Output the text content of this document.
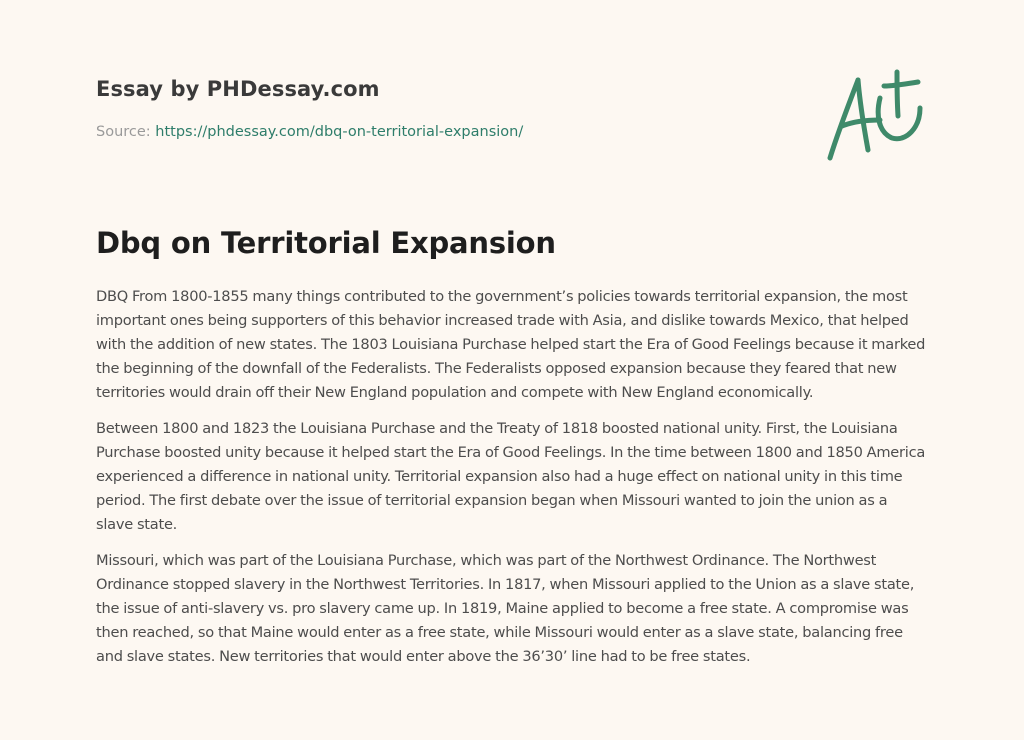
Essay by PHDessay.com
Source: https://phdessay.com/dbq-on-territorial-expansion/
Dbq on Territorial Expansion

DBQ From 1800-1855 many things contributed to the government’s policies towards territorial expansion, the most important ones being supporters of this behavior increased trade with Asia, and dislike towards Mexico, that helped with the addition of new states. The 1803 Louisiana Purchase helped start the Era of Good Feelings because it marked the beginning of the downfall of the Federalists. The Federalists opposed expansion because they feared that new territories would drain off their New England population and compete with New England economically.

Between 1800 and 1823 the Louisiana Purchase and the Treaty of 1818 boosted national unity. First, the Louisiana Purchase boosted unity because it helped start the Era of Good Feelings. In the time between 1800 and 1850 America experienced a difference in national unity. Territorial expansion also had a huge effect on national unity in this time period. The first debate over the issue of territorial expansion began when Missouri wanted to join the union as a slave state.

Missouri, which was part of the Louisiana Purchase, which was part of the Northwest Ordinance. The Northwest Ordinance stopped slavery in the Northwest Territories. In 1817, when Missouri applied to the Union as a slave state, the issue of anti-slavery vs. pro slavery came up. In 1819, Maine applied to become a free state. A compromise was then reached, so that Maine would enter as a free state, while Missouri would enter as a slave state, balancing free and slave states. New territories that would enter above the 36’30’ line had to be free states.
